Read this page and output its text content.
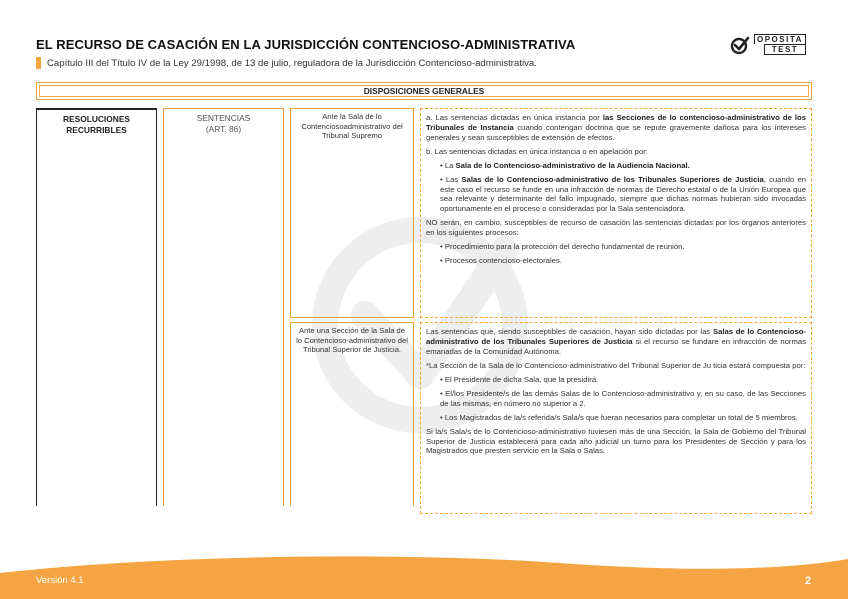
EL RECURSO DE CASACIÓN EN LA JURISDICCIÓN CONTENCIOSO-ADMINISTRATIVA
Capítulo III del Título IV de la Ley 29/1998, de 13 de julio, reguladora de la Jurisdicción Contencioso-administrativa.
OPOSITA
TEST
DISPOSICIONES GENERALES
RESOLUCIONES RECURRIBLES
SENTENCIAS
(ART. 86)
Ante la Sala de lo Contenciosoadministrativo del Tribunal Supremo

a. Las sentencias dictadas en única instancia por las Secciones de lo contencioso-administrativo de los Tribunales de Instancia cuando contengan doctrina que se repute gravemente dañosa para los intereses generales y sean susceptibles de extensión de efectos.

b. Las sentencias dictadas en única instancia o en apelación por:

• La Sala de lo Contencioso-administrativo de la Audiencia Nacional.

• Las Salas de lo Contencioso-administrativo de los Tribunales Superiores de Justicia, cuando en este caso el recurso se funde en una infracción de normas de Derecho estatal o de la Unión Europea que sea relevante y determinante del fallo impugnado, siempre que dichas normas hubieran sido invocadas oportunamente en el proceso o consideradas por la Sala sentenciadora.

NO serán, en cambio, susceptibles de recurso de casación las sentencias dictadas por los órganos anteriores en los siguientes procesos:

• Procedimiento para la protección del derecho fundamental de reunión.

• Procesos contencioso-electorales.

Ante una Sección de la Sala de lo Contencioso-administrativo del Tribunal Superior de Justicia.

Las sentencias que, siendo susceptibles de casación, hayan sido dictadas por las Salas de lo Contencioso-administrativo de los Tribunales Superiores de Justicia si el recurso se fundare en infracción de normas emanadas de la Comunidad Autónoma.

*La Sección de la Sala de lo Contencioso-administrativo del Tribunal Superior de Ju ticia estará compuesta por:

• El Presidente de dicha Sala, que la presidirá.

• El/los Presidente/s de las demás Salas de lo Contencioso-administrativo y, en su caso, de las Secciones de las mismas, en número no superior a 2.

• Los Magistrados de la/s referida/s Sala/s que fueran necesarios para completar un total de 5 miembros.

Si la/s Sala/s de lo Contencioso-administrativo tuviesen más de una Sección, la Sala de Gobierno del Tribunal Superior de Justicia establecerá para cada año judicial un turno para los Presidentes de Sección y para los Magistrados que presten servicio en la Sala o Salas.

Versión 4.1	2
